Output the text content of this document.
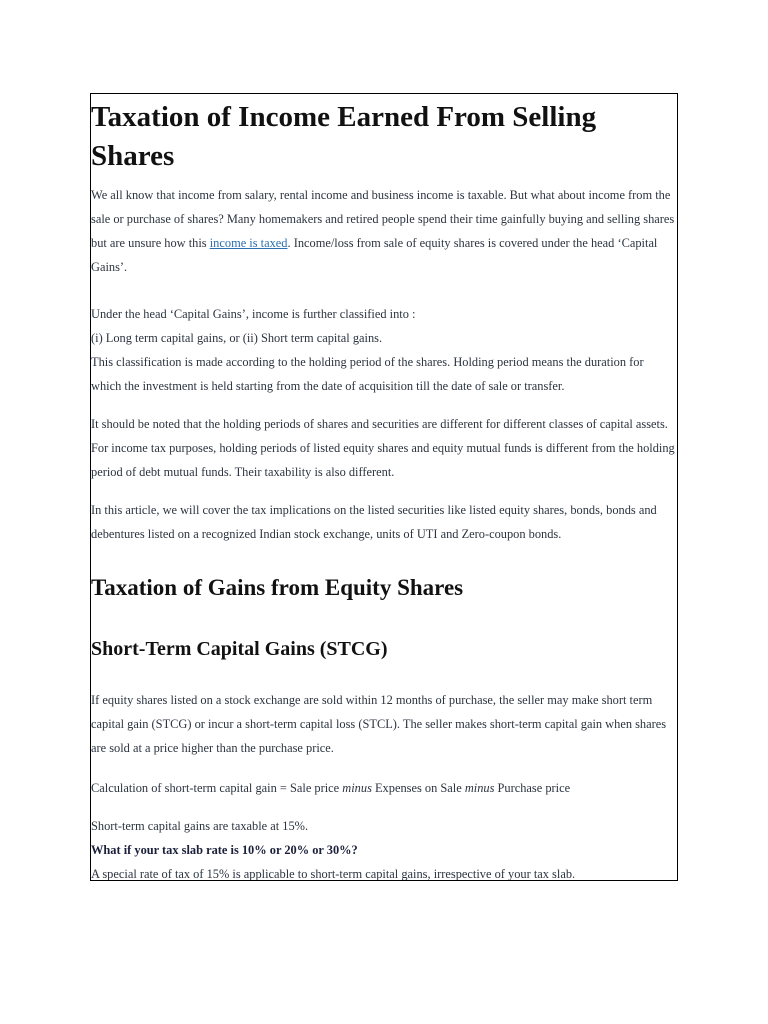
Taxation of Income Earned From Selling Shares

We all know that income from salary, rental income and business income is taxable. But what about income from the sale or purchase of shares? Many homemakers and retired people spend their time gainfully buying and selling shares but are unsure how this income is taxed. Income/loss from sale of equity shares is covered under the head ‘Capital Gains’.

Under the head ‘Capital Gains’, income is further classified into :
(i) Long term capital gains, or (ii) Short term capital gains.
This classification is made according to the holding period of the shares. Holding period means the duration for which the investment is held starting from the date of acquisition till the date of sale or transfer.

It should be noted that the holding periods of shares and securities are different for different classes of capital assets. For income tax purposes, holding periods of listed equity shares and equity mutual funds is different from the holding period of debt mutual funds. Their taxability is also different.

In this article, we will cover the tax implications on the listed securities like listed equity shares, bonds, bonds and debentures listed on a recognized Indian stock exchange, units of UTI and Zero-coupon bonds.

Taxation of Gains from Equity Shares
Short-Term Capital Gains (STCG)

If equity shares listed on a stock exchange are sold within 12 months of purchase, the seller may make short term capital gain (STCG) or incur a short-term capital loss (STCL). The seller makes short-term capital gain when shares are sold at a price higher than the purchase price.

Calculation of short-term capital gain = Sale price minus Expenses on Sale minus Purchase price

Short-term capital gains are taxable at 15%.
What if your tax slab rate is 10% or 20% or 30%?
A special rate of tax of 15% is applicable to short-term capital gains, irrespective of your tax slab.
